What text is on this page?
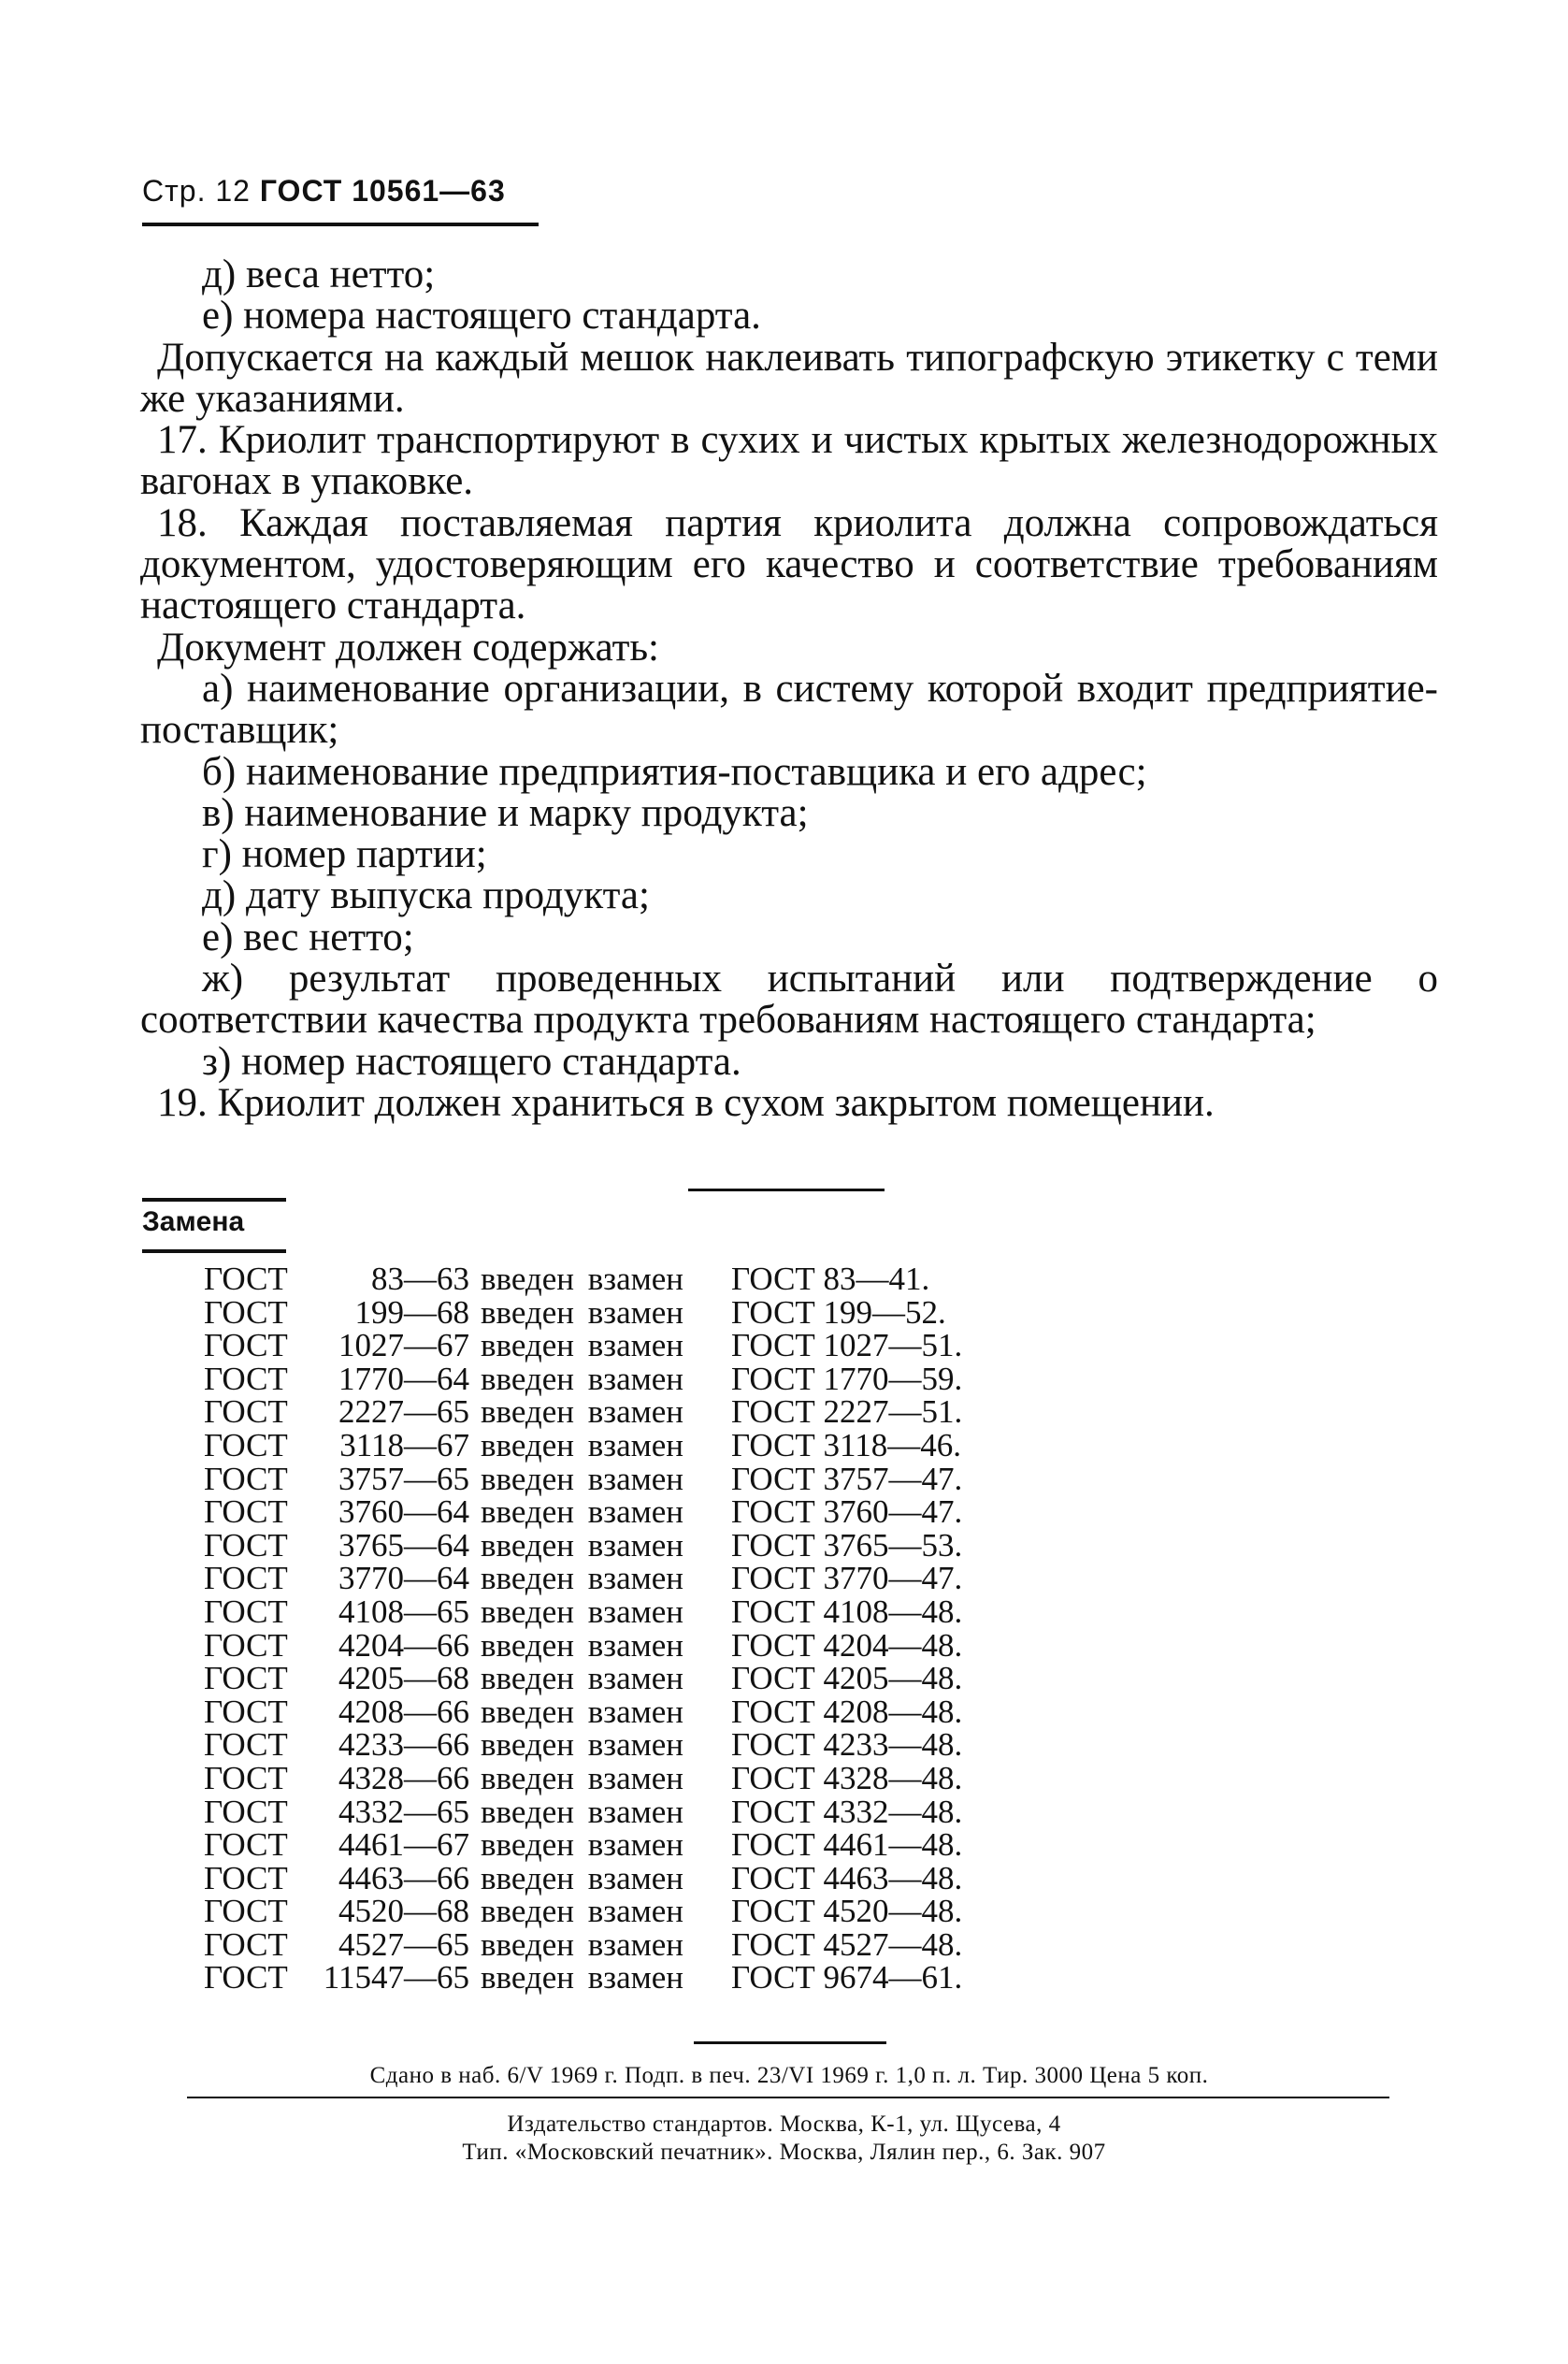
Стр. 12 ГОСТ 10561—63

д) веса нетто;

е) номера настоящего стандарта.

Допускается на каждый мешок наклеивать типографскую этикетку с теми же указаниями.

17. Криолит транспортируют в сухих и чистых крытых железнодорожных вагонах в упаковке.

18. Каждая поставляемая партия криолита должна сопровождаться документом, удостоверяющим его качество и соответствие требованиям настоящего стандарта.

Документ должен содержать:

а) наименование организации, в систему которой входит предприятие-поставщик;

б) наименование предприятия-поставщика и его адрес;

в) наименование и марку продукта;

г) номер партии;

д) дату выпуска продукта;

е) вес нетто;

ж) результат проведенных испытаний или подтверждение о соответствии качества продукта требованиям настоящего стандарта;

з) номер настоящего стандарта.

19. Криолит должен храниться в сухом закрытом помещении.

Замена
ГОСТ	83—63 введен взамен	ГОСТ 83—41.
ГОСТ	199—68 введен взамен	ГОСТ 199—52.
ГОСТ	1027—67 введен взамен	ГОСТ 1027—51.
ГОСТ	1770—64 введен взамен	ГОСТ 1770—59.
ГОСТ	2227—65 введен взамен	ГОСТ 2227—51.
ГОСТ	3118—67 введен взамен	ГОСТ 3118—46.
ГОСТ	3757—65 введен взамен	ГОСТ 3757—47.
ГОСТ	3760—64 введен взамен	ГОСТ 3760—47.
ГОСТ	3765—64 введен взамен	ГОСТ 3765—53.
ГОСТ	3770—64 введен взамен	ГОСТ 3770—47.
ГОСТ	4108—65 введен взамен	ГОСТ 4108—48.
ГОСТ	4204—66 введен взамен	ГОСТ 4204—48.
ГОСТ	4205—68 введен взамен	ГОСТ 4205—48.
ГОСТ	4208—66 введен взамен	ГОСТ 4208—48.
ГОСТ	4233—66 введен взамен	ГОСТ 4233—48.
ГОСТ	4328—66 введен взамен	ГОСТ 4328—48.
ГОСТ	4332—65 введен взамен	ГОСТ 4332—48.
ГОСТ	4461—67 введен взамен	ГОСТ 4461—48.
ГОСТ	4463—66 введен взамен	ГОСТ 4463—48.
ГОСТ	4520—68 введен взамен	ГОСТ 4520—48.
ГОСТ	4527—65 введен взамен	ГОСТ 4527—48.
ГОСТ	11547—65 введен взамен	ГОСТ 9674—61.
Сдано в наб. 6/V 1969 г. Подп. в печ. 23/VI 1969 г. 1,0 п. л. Тир. 3000 Цена 5 коп.
Издательство стандартов. Москва, К-1, ул. Щусева, 4
Тип. «Московский печатник». Москва, Лялин пер., 6. Зак. 907
